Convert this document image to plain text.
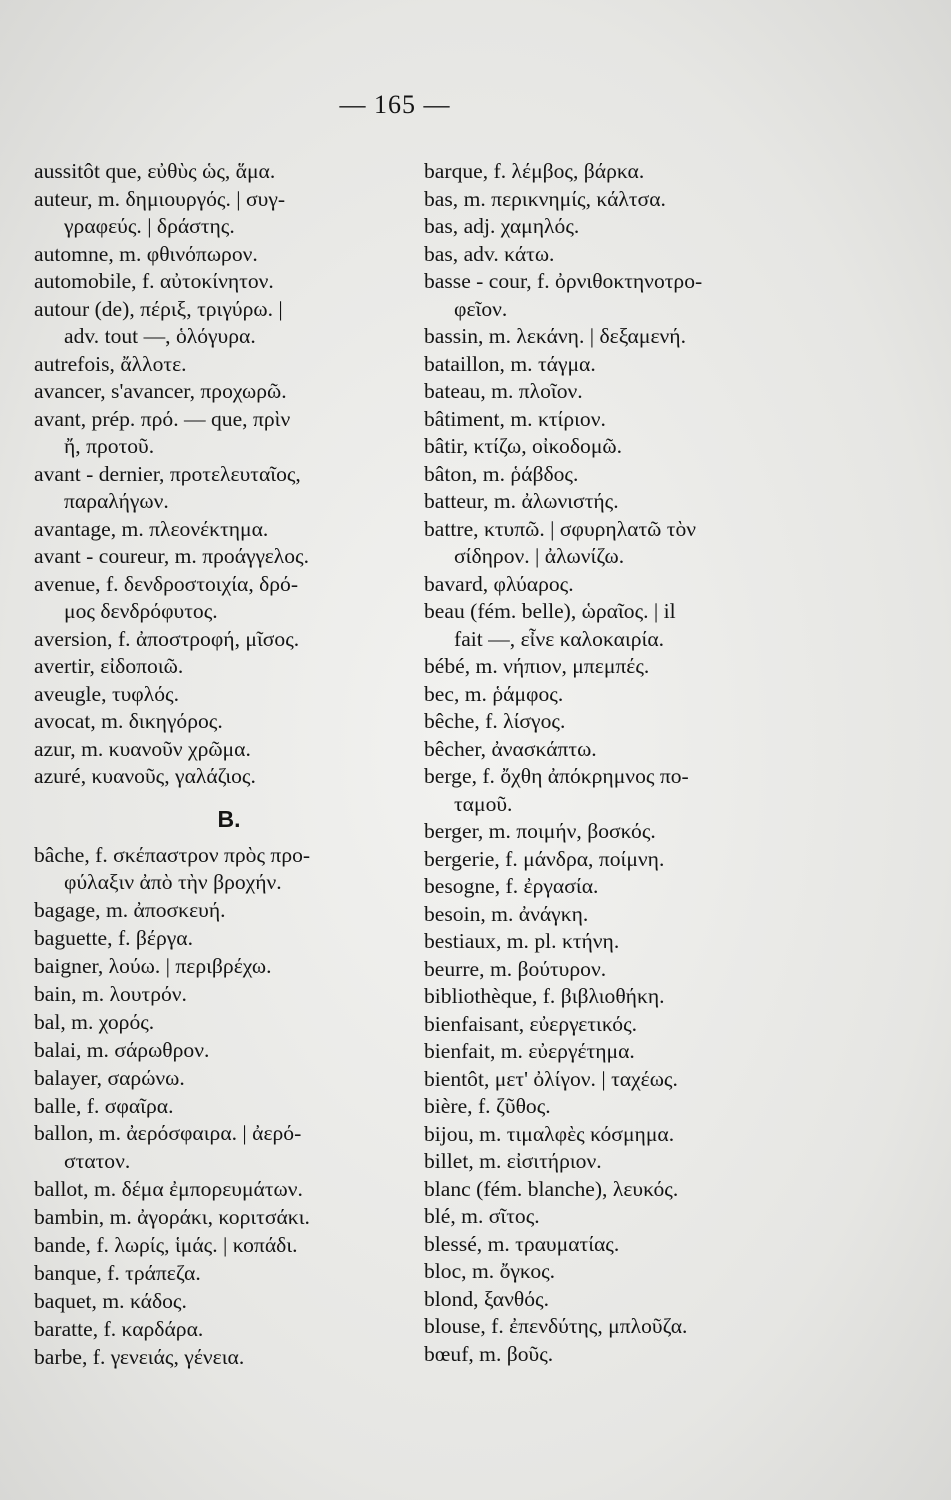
— 165 —
aussitôt que, εὐθὺς ὡς, ἅμα.
auteur, m. δημιουργός. | συγ-
γραφεύς. | δράστης.
automne, m. φθινόπωρον.
automobile, f. αὐτοκίνητον.
autour (de), πέριξ, τριγύρω. |
adv. tout —, ὁλόγυρα.
autrefois, ἄλλοτε.
avancer, s'avancer, προχωρῶ.
avant, prép. πρό. — que, πρὶν
ἤ, προτοῦ.
avant - dernier, προτελευταῖος,
παραλήγων.
avantage, m. πλεονέκτημα.
avant - coureur, m. προάγγελος.
avenue, f. δενδροστοιχία, δρό-
μος δενδρόφυτος.
aversion, f. ἀποστροφή, μῖσος.
avertir, εἰδοποιῶ.
aveugle, τυφλός.
avocat, m. δικηγόρος.
azur, m. κυανοῦν χρῶμα.
azuré, κυανοῦς, γαλάζιος.
B.
bâche, f. σκέπαστρον πρὸς προ-
φύλαξιν ἀπὸ τὴν βροχήν.
bagage, m. ἀποσκευή.
baguette, f. βέργα.
baigner, λούω. | περιβρέχω.
bain, m. λουτρόν.
bal, m. χορός.
balai, m. σάρωθρον.
balayer, σαρώνω.
balle, f. σφαῖρα.
ballon, m. ἀερόσφαιρα. | ἀερό-
στατον.
ballot, m. δέμα ἐμπορευμάτων.
bambin, m. ἀγοράκι, κοριτσάκι.
bande, f. λωρίς, ἱμάς. | κοπάδι.
banque, f. τράπεζα.
baquet, m. κάδος.
baratte, f. καρδάρα.
barbe, f. γενειάς, γένεια.
barque, f. λέμβος, βάρκα.
bas, m. περικνημίς, κάλτσα.
bas, adj. χαμηλός.
bas, adv. κάτω.
basse - cour, f. ὀρνιθοκτηνοτρο-
φεῖον.
bassin, m. λεκάνη. | δεξαμενή.
bataillon, m. τάγμα.
bateau, m. πλοῖον.
bâtiment, m. κτίριον.
bâtir, κτίζω, οἰκοδομῶ.
bâton, m. ῥάβδος.
batteur, m. ἀλωνιστής.
battre, κτυπῶ. | σφυρηλατῶ τὸν
σίδηρον. | ἀλωνίζω.
bavard, φλύαρος.
beau (fém. belle), ὡραῖος. | il
fait —, εἶνε καλοκαιρία.
bébé, m. νήπιον, μπεμπές.
bec, m. ῥάμφος.
bêche, f. λίσγος.
bêcher, ἀνασκάπτω.
berge, f. ὄχθη ἀπόκρημνος πο-
ταμοῦ.
berger, m. ποιμήν, βοσκός.
bergerie, f. μάνδρα, ποίμνη.
besogne, f. ἐργασία.
besoin, m. ἀνάγκη.
bestiaux, m. pl. κτήνη.
beurre, m. βούτυρον.
bibliothèque, f. βιβλιοθήκη.
bienfaisant, εὐεργετικός.
bienfait, m. εὐεργέτημα.
bientôt, μετ' ὀλίγον. | ταχέως.
bière, f. ζῦθος.
bijou, m. τιμαλφὲς κόσμημα.
billet, m. εἰσιτήριον.
blanc (fém. blanche), λευκός.
blé, m. σῖτος.
blessé, m. τραυματίας.
bloc, m. ὄγκος.
blond, ξανθός.
blouse, f. ἐπενδύτης, μπλοῦζα.
bœuf, m. βοῦς.
